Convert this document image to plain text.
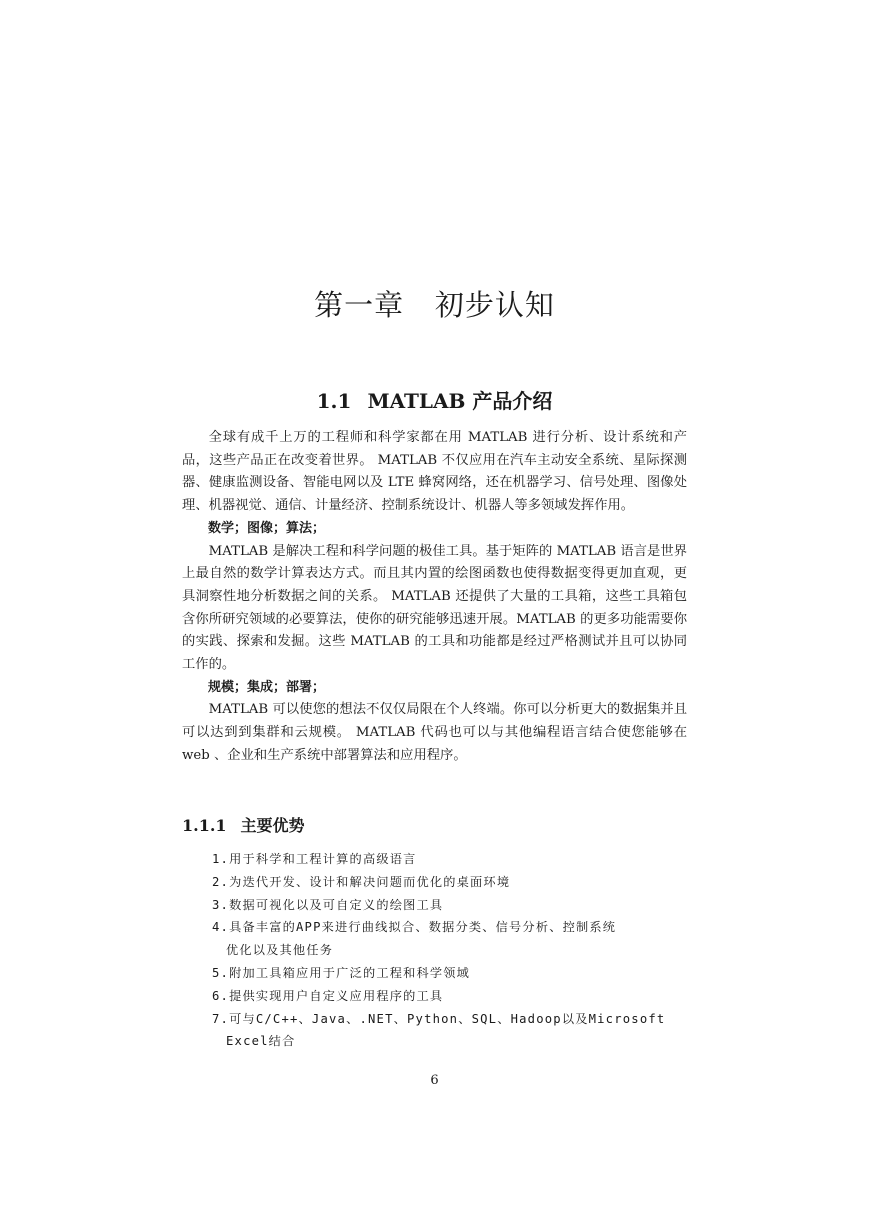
第一章 初步认知
1.1 MATLAB 产品介绍

全球有成千上万的工程师和科学家都在用 MATLAB 进行分析、设计系统和产品，这些产品正在改变着世界。 MATLAB 不仅应用在汽车主动安全系统、星际探测器、健康监测设备、智能电网以及 LTE 蜂窝网络，还在机器学习、信号处理、图像处理、机器视觉、通信、计量经济、控制系统设计、机器人等多领域发挥作用。

数学；图像；算法；

MATLAB 是解决工程和科学问题的极佳工具。基于矩阵的 MATLAB 语言是世界上最自然的数学计算表达方式。而且其内置的绘图函数也使得数据变得更加直观，更具洞察性地分析数据之间的关系。 MATLAB 还提供了大量的工具箱，这些工具箱包含你所研究领域的必要算法，使你的研究能够迅速开展。MATLAB 的更多功能需要你的实践、探索和发掘。这些 MATLAB 的工具和功能都是经过严格测试并且可以协同工作的。

规模；集成；部署；

MATLAB 可以使您的想法不仅仅局限在个人终端。你可以分析更大的数据集并且可以达到到集群和云规模。 MATLAB 代码也可以与其他编程语言结合使您能够在 web 、企业和生产系统中部署算法和应用程序。

1.1.1 主要优势
1.用于科学和工程计算的高级语言
2.为迭代开发、设计和解决问题而优化的桌面环境
3.数据可视化以及可自定义的绘图工具
4.具备丰富的APP来进行曲线拟合、数据分类、信号分析、控制系统
优化以及其他任务
5.附加工具箱应用于广泛的工程和科学领域
6.提供实现用户自定义应用程序的工具
7.可与C/C++、Java、.NET、Python、SQL、Hadoop以及Microsoft
Excel结合
6
